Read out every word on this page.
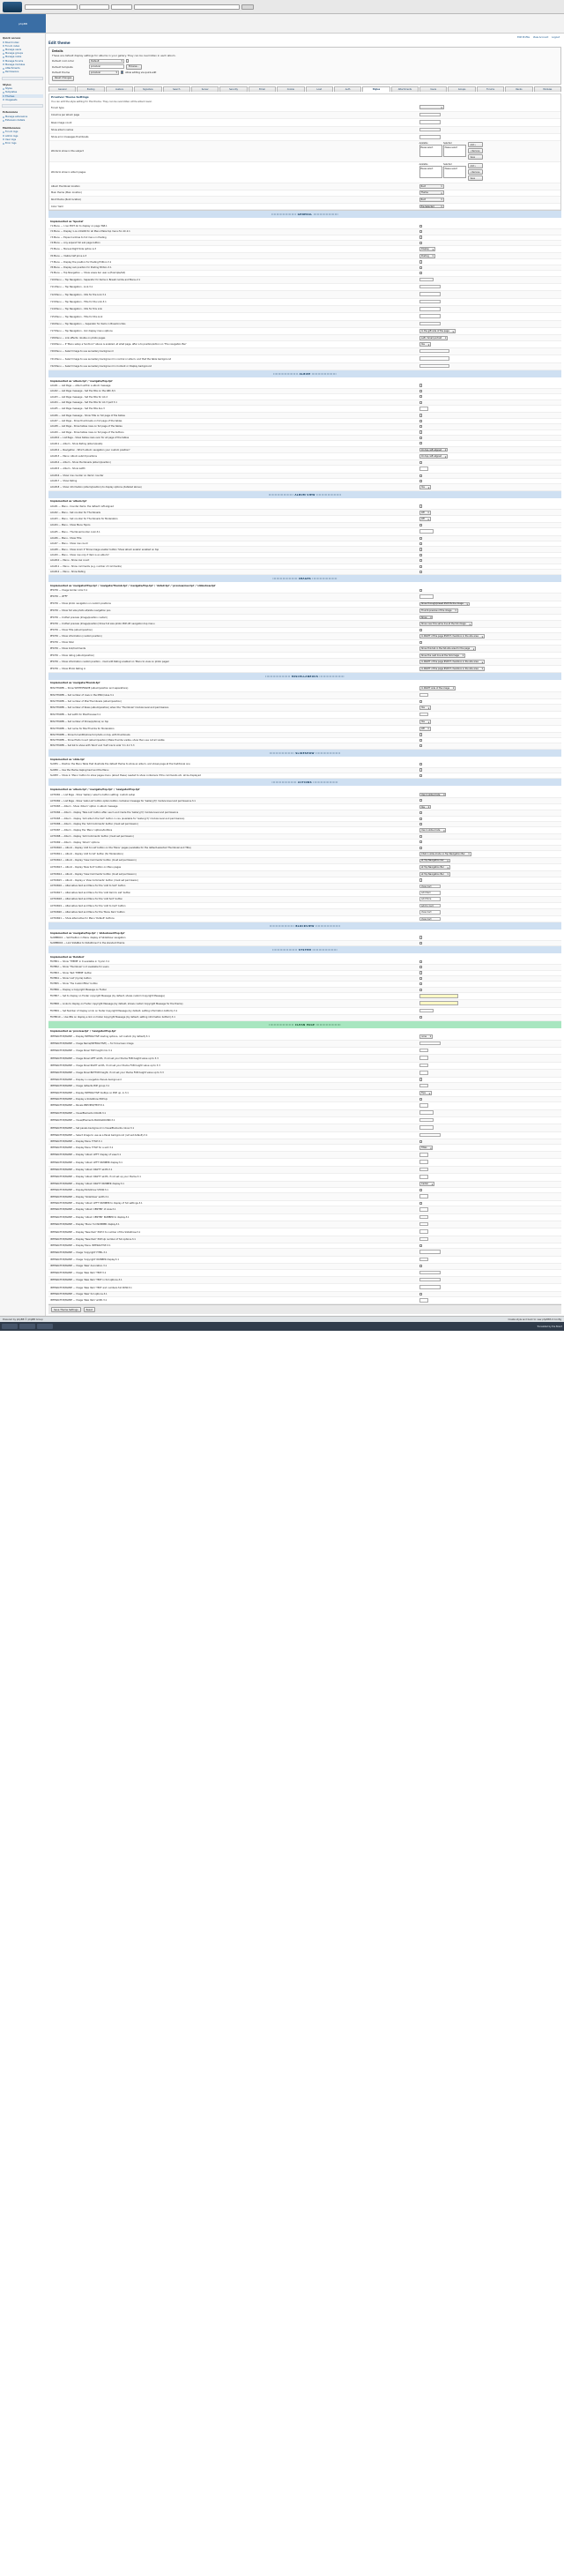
phpBB
Quick access
Board index
Forum index
Manage users
Manage groups
Manage ranks
Manage forums
Manage modules
Attachments
Permissions
Styles
Styles
Templates
Themes
Imagesets
Extensions
Manage extensions
Extension details
Maintenance
Forum logs
Admin logs
User logs
Error logs
Edit Profile View Account Logout
Edit theme
Details

These are default display settings for albums in your gallery. They can be overridden in each album.

Default root order	Default ▾
Default template	prosilver	Browse...
Default theme	prosilver ▾	Allow editing via quick-edit
Reset Changes
General	Posting	Avatars	Signature	Search	Server	Security	Email	Cookie	Load	Auth	Styles	Attachments	Users	Groups	Forums	Ranks	Modules
Prosilver Theme Settings
You can edit the style setting for this theme. They can be overridden at the album level.
Forum type	▾
Columns per album page	
Rows image count	
Show album names	
Show error messages thumbnails	
Words to show in the subject	
Available
Please select
Selected
Please select
Add »
« Remove
Save

Words to show in album pages	
Available
Please select
Selected
Please select
Add »
« Remove
Save

Album thumbnail location	Root ▾
Main theme (Main location)	Theme ▾
Root theme (Root location)	Root ▾
Color Yield	Pre-Selected ▾
:::::::::::::::::::: GENERAL ::::::::::::::::::::
Implemented as 'Special'
I'1:Menu — I can EDIT AC to display on page TAB.1	
I'2:Menu — Display 1-on-COLOR for all Menu Make top menu for AC.2.1	
I'3:Menu — Expand entries to full menu in Posting	
I'4:Menu — Any expand full sub page button	
I'5:Menu — Manual Right Side option.A.3	Display ▾
I'6:Menu — Visible half price.A.3	Posting ▾
I'7:Menu — Display the position for Posting Edition.3.1	
I'8:Menu — Display sub position for Posting Edition.3.1	
I'9:Menu — Top Navigation — Show views bar user a (Example/list)	
I'10:Menu — Top Navigation - Separator for items in Breadcrumbs and Menu.2.1	
I'11:Menu — Top Navigation - Link.3.1	
I'12:Menu — Top Navigation - URL for the Link.3.1	
I'13:Menu — Top Navigation - Title for the Link.3.1	
I'14:Menu — Top Navigation - URL for this Link	
I'15:Menu — Top Navigation - Title for this Link	
I'16:Menu — Top Navigation — Separator for items in Breadcrumbs	
I'17:Menu — Top Navigation - link display menu options	In the gift side of the page ▾
I'18:Menu — Link effects: double on photo pages	Left / Small portrait ▾
I'19:Menu — If 'Menu setup a function?' above is enabled, at what page, after a to position/action on 'The navigation Bar'	Yes ▾
I'20:Menu — Select Image to use as Gallery background	
I'21:Menu — Select Image to use as Gallery background in normal or album, and that the table background	
I'22:Menu — Select Image to use as Gallery background in Content or Display background	
:::::::::::::::::::: ALBUM ::::::::::::::::::::
Implemented as 'album.tpl' / 'navigate/Pop.tpl'
Adv#1 — List Page — Album within a album message	
Adv#2 — List Page message - Set the title on the ABC.3/1	
Adv#3 — List Page message - Set the title for AC.2	
Adv#4 — List Page message - Set the title for AC.3 part 3.1	
Adv#5 — List Page message - Set the title ALL.3	
Adv#6 — List Page message - Show Title on full page of the tables	
Adv#7 — List Page - Show thumbnails on full page of the tables	
Adv#8 — List Page - Show tables rows on full page of the tables	
Adv#9 — List Page - Show tables rows on full page of the buttons	
Adv#10 — List Page - Show tables rows over for all page of the tables	
Adv#11 — Album - Show Rating (album/posts)	
Adv#12 — Navigation - Which album navigation your custom position?	On top, left aligned ▾
Adv#13 — Menu: Album submit positions	On top, left aligned ▾
Adv#14 — Album - Show thumbnails (album/position)	
Adv#15 — Album - Show width	
Adv#16 — Show row counter on items' counter	
Adv#17 — Show Rating	
Adv#18 — Show information (album/position) to display options (detailed above)	Yes ▾
:::::::::::::::::::: ALBUM VIEW ::::::::::::::::::::
Implemented as 'album.tpl'
Adv#1 — Menu - Counter items: the default: left aligned	
Adv#2 — Menu - Set counter for Thumbnails	Off ▾
Adv#3 — Menu - Set counter for Thumbnails for Moderators	Off ▾
Adv#4 — Menu - Show Menu Topics	
Adv#5 — Menu - Thumbnail border color.3.1	
Adv#6 — Menu - Show Title	
Adv#7 — Menu - Show row count	
Adv#8 — Menu - Show zoom if 'Show image enable' button 'Show album enable' enabled on top	
Adv#9 — Menu - Show row only if item is an album?	
Adv#10 — Menu - Show row count	
Adv#11 — Menu - Show comments (e.g. number of comments)	
Adv#12 — Menu - Show Rating	
:::::::::::::::::::: IMAGES ::::::::::::::::::::
Implemented as 'navigate#Pop.tpl' / 'navigate/Thumb.tpl' / 'navigate/Pop.tpl' / 'detail.tpl' / 'preview/nav.tpl' / 'slideshow.tpl'
PHOTO — Image border color.3.1	
PHOTO — #FFF	
PHOTO — Show photo navigation on custom positions	Show through/preset IELECTs the image ▾
PHOTO — Show full size photo at/slide navigation pos	Thumb preview of the image ▾
PHOTO — Unified preview (Image/position custom)	Show ▾
PHOTO — Unified preview (Image/position) Show full size photo POP-UP navigation top menu	Show over this same line at the full-image ▾
PHOTO — Show Title (album/position)	
PHOTO — Show information (custom position)	In RIGHT of the page IELECT checkbox in the site area ▾
PHOTO — Show total	
PHOTO — Show link/Comments	Show this tab in the fab site area for the page ▾
PHOTO — Show rating (album/position)	Show the next line at the full-image ▾
PHOTO — Show information custom position - must edit Rating enabled on 'Menu to view on photo pages'	In RIGHT of the page IELECT checkbox in the site area ▾
PHOTO — Show Photo Rating in	In RIGHT of the page IELECT checkbox in the site area ▾
:::::::::::::::::::: MISCELLANEOUS ::::::::::::::::::::
Implemented as 'navigate/Thumb.tpl'
MISCTHUMB — Show WHITE/FRAME (album/position and separations)	In RIGHT side of the image ▾
MISCTHUMB — Set number of rows in the MISC/rules.3.1	
MISCTHUMB — Set number of MiscThumbnails (album/position)	
MISCTHUMB — Set number of Rows (album/position) when the 'Thumbnail' module level and permissions	Yes ▾
MISCTHUMB — Set width for MiscPreview.3.1	
MISCTHUMB — Set number of Show(options) on top	Yes ▾
MISCTHUMB — Set name for MiscThumbs for Moderators	Off ▾
MISCTHUMB — Show full width/show full photo on top, with thumbnails	
MISCTHUMB — Show Photo Count (album/position) Make thumbs visible, show then use not all visible	
MISCTHUMB — Set list to show with 'Root' and 'half row to side' 3.1 4.1 5.3	
:::::::::::::::::::: SLIDESHOW ::::::::::::::::::::
Implemented as 'slide.tpl'
SLIDE1 — Position the Menu Table that illustrate the default theme to show an album, and shows page at the traditional one	
SLIDE2 — Use the theme deployment and the Menu	
SLIDE3 — Show in 'Menu' button to show pages menu (about these) needed to show containers if the commands etc. all be displayed	
:::::::::::::::::::: ACTIONS ::::::::::::::::::::
Implemented as 'album.tpl' / 'navigate/Pop.tpl' / 'navigate#Pop.tpl'
ACTION1 — List Page - Show 'Gallery' select a button setting: custom setup	Use in slide-mode ▾
ACTION2 — List Page - Show 'Lists List' button option button container message for 'Gallery(3)' module level and permissions.3.1	
ACTION3 — Album - Show 'Album' option in album message	Yes ▾
ACTION4 — Album - display 'Take List' button after user's and made the 'Gallery(3)' module level and permissions	
ACTION5 — Album - display 'Add album the Sort' button in nav (available for 'Gallery(3)' module level and permissions)	
ACTION6 — Album - display the 'Add Comments' button (must set permission)	
ACTION7 — Album - display the 'Menu' options/buttons	Use in slide-mode ▾
ACTION8 — Album - display 'Add Comments' button (must set permission)	
ACTION9 — Album - display 'Album' options	
ACTION10 — Album - display 'Add to List' button on the 'Menu' pages (available for the default-selected Thumbnail and Title)	
ACTION11 — Album - display 'Add to list' button (for Moderators)	Chat in slide-mode on Top Navigation Bar ▾
ACTION12 — Album - display 'View Comments' button (must set permission)	at Top Navigation bar ▾
ACTION13 — Album - display 'New Sort' button on Menu pages	at Top Navigation Bar ▾
ACTION14 — Album - display 'View Comments' button (must set permission)	at Top Navigation Bar ▾
ACTION15 — Album - display a 'View Comments' button (must set permission)	
ACTION16 — Alternative text and Menu for the 'Add to Sort' button	View Cart
ACTION17 — Alternative text and Menu for the 'Add item to List' button	Add Item
ACTION18 — Alternative text and Menu for the 'Add Sort' button	Add More
ACTION19 — Alternative text and Menu for the 'Add to Cart' button	Add to Cart
ACTION20 — Alternative text and Menu for the 'Menu Item' button	View Cart
ACTION21 — Show alternative for Menu 'Default' buttons	View Cart
:::::::::::::::::::: BLOCKVIEW ::::::::::::::::::::
Implemented as 'navigate/Pop.tpl' / 'slideshow#Pop.tpl'
SLIDEBOX1 — Set Position in Menu display of SlideShow navigation	
SLIDEBOX2 — Link SlideBox to SlideShow if in the standard theme	
:::::::::::::::::::: SYSTEM ::::::::::::::::::::
Implemented as 'Related'
FILTER1 — Show 'THEME' in it available in 'Cycle'.3.1	
FILTER2 — Show 'Thumbnail' in it available for users	
FILTER3 — Show 'Text THEME' button	
FILTER4 — Show 'List' (Cycle) button	
FILTER5 — Show 'The CustomFilter' button	
FILTER6 — Display a Copyright Message on Footer	
FILTER7 — Set to display on Footer copyright Message (by default, shows custom Copyright Message)	
FILTER8 — Links to display on Footer copyright Message (by default, shows custom Copyright Message for the theme)	
FILTER9 — Set Number of display a link on footer Copyright Message (by default, setting information bottom).3.1	
FILTER10 — Use IMG on display a link on footer Copyright Message (by default, setting information bottom).3.1	
:::::::::::::::::::: CLEAN PAGE ::::::::::::::::::::
Implemented as 'preview.tpl' / 'navigate#Pop.tpl'
INTERACTIVE/NAME — Display INTERACTIVE loading options, not custom (by default).3.1	none ▾
INTERACTIVE/NAME — Image Name(INTERACTIVE) — for full-screen image	
INTERACTIVE/NAME — Image Panel TOP height min.3.1	
INTERACTIVE/NAME — Image Panel LEFT width, if not set your theme FUB height value up to 3.3	
INTERACTIVE/NAME — Image Panel RIGHT width, if not set your theme FUB height value up to 3.3	
INTERACTIVE/NAME — Image Panel BOTTOM height, if not set your theme FUB height value up to 3.3	
INTERACTIVE/NAME — Display in navigation Panels background	
INTERACTIVE/NAME — Image defaults POP group.3.1	
INTERACTIVE/NAME — Display INTERACTIVE tooltips on POP up, in.3.1	Tips ▾
INTERACTIVE/NAME — Display a SlideShow POP-Up	
INTERACTIVE/NAME — Panels PREVIEW/TEXT.3.1	
INTERACTIVE/NAME — VisualElements COLOR.3.1	
INTERACTIVE/NAME — Visual/Elements BACKGROUND.3.1	
INTERACTIVE/NAME — Set panels background in VisualElements colour.3.1	
INTERACTIVE/NAME — Select Image to use as a Panel background (not set default).3.1	
INTERACTIVE/NAME — Display Menu TITLE.3.1	
INTERACTIVE/NAME — Display Menu TITLE for a sort.3.1	Titles ▾
INTERACTIVE/NAME — Display 'Album LEFT' display of view.3.1	
INTERACTIVE/NAME — Display 'Album LEFT' NUMBER display.3.1	
INTERACTIVE/NAME — Display 'Album RIGHT' width.3.1	
INTERACTIVE/NAME — Display 'Album RIGHT' width, if not set up your theme.3.1	
INTERACTIVE/NAME — Display 'Album RIGHT' NUMBER display.3.1	Center ▾
INTERACTIVE/NAME — Display/SlideShow SHOW.3.1	
INTERACTIVE/NAME — Display 'SlideShow' width.3.1	
INTERACTIVE/NAME — Display 'Album LEFT' NUMBER to display of full settings.3.1	
INTERACTIVE/NAME — Display 'Album CENTER' of view.3.1	
INTERACTIVE/NAME — Display 'Album CENTER' NUMBER to display.3.1	
INTERACTIVE/NAME — Display 'Menu' full NUMBER display.3.1	
INTERACTIVE/NAME — Display 'New Item' POP it to number of the SlideShow.3.1	
INTERACTIVE/NAME — Display 'New Item' POP-Up number of full options.3.1	
INTERACTIVE/NAME — Display Menu INTERACTIVE.3.1	
INTERACTIVE/NAME — Image 'Copyright' HTML.3.1	
INTERACTIVE/NAME — Image 'Copyright' NUMBER display.3.1	
INTERACTIVE/NAME — Image 'New' decoration.3.1	
INTERACTIVE/NAME — Image 'New Item' TEXT.3.1	
INTERACTIVE/NAME — Image 'New Item' TEXT in full options.3.1	
INTERACTIVE/NAME — Image 'New Item' TEXT and numbers full ROW.3.1	
INTERACTIVE/NAME — Image 'New' full options.3.1	
INTERACTIVE/NAME — Image 'New Item' width.3.1	
Save Theme Settings	Reset
Powered by phpBB © phpBB Group	Create style and back to new phpBB3.0 Config
Translated by the Board
